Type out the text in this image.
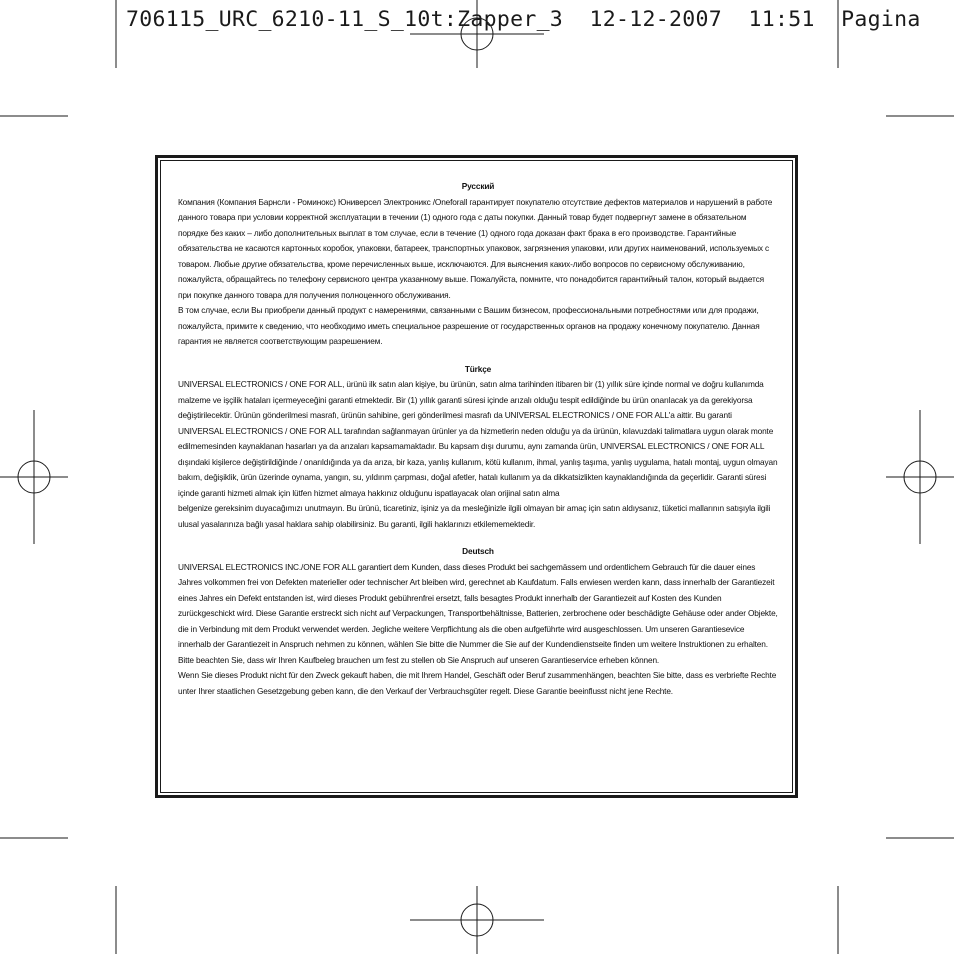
706115_URC_6210-11_S_10t:Zapper_3  12-12-2007  11:51  Pagina
Русский

Компания (Компания Барнсли - Роминокс) Юниверсел Электроникс /Oneforall гарантирует покупателю отсутствие дефектов материалов и нарушений в работе данного товара при условии корректной эксплуатации в течении (1) одного года с даты покупки. Данный товар будет подвергнут замене в обязательном порядке без каких – либо дополнительных выплат в том случае, если в течение (1) одного года доказан факт брака в его производстве. Гарантийные обязательства не касаются картонных коробок, упаковки, батареек, транспортных упаковок, загрязнения упаковки, или других наименований, используемых с товаром. Любые другие обязательства, кроме перечисленных выше, исключаются. Для выяснения каких-либо вопросов по сервисному обслуживанию, пожалуйста, обращайтесь по телефону сервисного центра указанному выше. Пожалуйста, помните, что понадобится гарантийный талон, который выдается при покупке данного товара для получения полноценного обслуживания.

В том случае, если Вы приобрели данный продукт с намерениями, связанными с Вашим бизнесом, профессиональными потребностями или для продажи, пожалуйста, примите к сведению, что необходимо иметь специальное разрешение от государственных органов на продажу конечному покупателю. Данная гарантия не является соответствующим разрешением.

Türkçe

UNIVERSAL ELECTRONICS / ONE FOR ALL, ürünü ilk satın alan kişiye, bu ürünün, satın alma tarihinden itibaren bir (1) yıllık süre içinde normal ve doğru kullanımda malzeme ve işçilik hataları içermeyeceğini garanti etmektedir. Bir (1) yıllık garanti süresi içinde arızalı olduğu tespit edildiğinde bu ürün onarılacak ya da gerekiyorsa değiştirilecektir. Ürünün gönderilmesi masrafı, ürünün sahibine, geri gönderilmesi masrafı da UNIVERSAL ELECTRONICS / ONE FOR ALL'a aittir. Bu garanti UNIVERSAL ELECTRONICS / ONE FOR ALL tarafından sağlanmayan ürünler ya da hizmetlerin neden olduğu ya da ürünün, kılavuzdaki talimatlara uygun olarak monte edilmemesinden kaynaklanan hasarları ya da arızaları kapsamamaktadır. Bu kapsam dışı durumu, aynı zamanda ürün, UNIVERSAL ELECTRONICS / ONE FOR ALL dışındaki kişilerce değiştirildiğinde / onarıldığında ya da arıza, bir kaza, yanlış kullanım, kötü kullanım, ihmal, yanlış taşıma, yanlış uygulama, hatalı montaj, uygun olmayan bakım, değişiklik, ürün üzerinde oynama, yangın, su, yıldırım çarpması, doğal afetler, hatalı kullanım ya da dikkatsizlikten kaynaklandığında da geçerlidir. Garanti süresi içinde garanti hizmeti almak için lütfen hizmet almaya hakkınız olduğunu ispatlayacak olan orijinal satın alma

belgenize gereksinim duyacağımızı unutmayın. Bu ürünü, ticaretiniz, işiniz ya da mesleğinizle ilgili olmayan bir amaç için satın aldıysanız, tüketici mallarının satışıyla ilgili ulusal yasalarınıza bağlı yasal haklara sahip olabilirsiniz. Bu garanti, ilgili haklarınızı etkilememektedir.

Deutsch

UNIVERSAL ELECTRONICS INC./ONE FOR ALL garantiert dem Kunden, dass dieses Produkt bei sachgemässem und ordentlichem Gebrauch für die dauer eines Jahres volkommen frei von Defekten materieller oder technischer Art bleiben wird, gerechnet ab Kaufdatum. Falls erwiesen werden kann, dass innerhalb der Garantiezeit eines Jahres ein Defekt entstanden ist, wird dieses Produkt gebührenfrei ersetzt, falls besagtes Produkt innerhalb der Garantiezeit auf Kosten des Kunden zurückgeschickt wird. Diese Garantie erstreckt sich nicht auf Verpackungen, Transportbehältnisse, Batterien, zerbrochene oder beschädigte Gehäuse oder ander Objekte, die in Verbindung mit dem Produkt verwendet werden. Jegliche weitere Verpflichtung als die oben aufgeführte wird ausgeschlossen. Um unseren Garantiesevice innerhalb der Garantiezeit in Anspruch nehmen zu können, wählen Sie bitte die Nummer die Sie auf der Kundendienstseite finden um weitere Instruktionen zu erhalten. Bitte beachten Sie, dass wir Ihren Kaufbeleg brauchen um fest zu stellen ob Sie Anspruch auf unseren Garantieservice erheben können.

Wenn Sie dieses Produkt nicht für den Zweck gekauft haben, die mit Ihrem Handel, Geschäft oder Beruf zusammenhängen, beachten Sie bitte, dass es verbriefte Rechte unter Ihrer staatlichen Gesetzgebung geben kann, die den Verkauf der Verbrauchsgüter regelt. Diese Garantie beeinflusst nicht jene Rechte.
